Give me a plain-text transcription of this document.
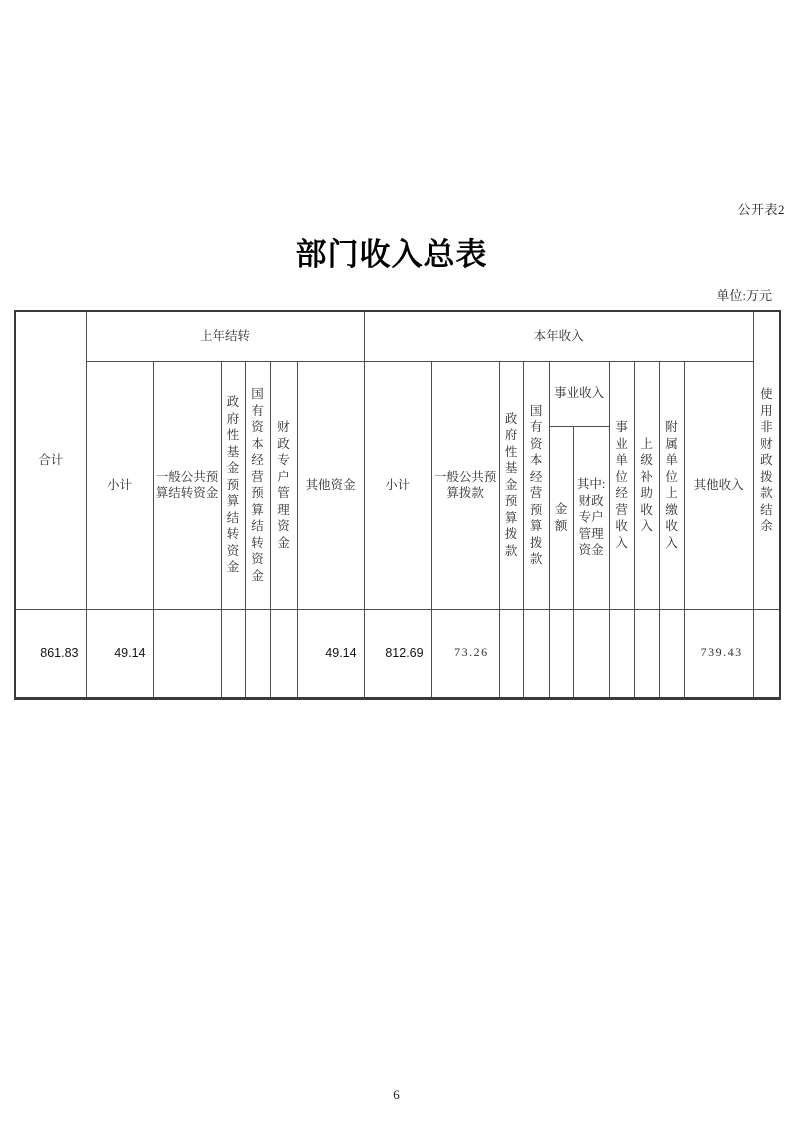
公开表2
部门收入总表
单位:万元
合计	上年结转						本年收入										使用非财政拨款结余
	小计	一般公共预算结转资金	政府性基金预算结转资金	国有资本经营预算结转资金	财政专户管理资金	其他资金	小计	一般公共预算拨款	政府性基金预算拨款	国有资本经营预算拨款	事业收入		事业单位经营收入	上级补助收入	附属单位上缴收入	其他收入	
											金额	其中:财政专户管理资金					
861.83	49.14					49.14	812.69	73.26								739.43	
6
